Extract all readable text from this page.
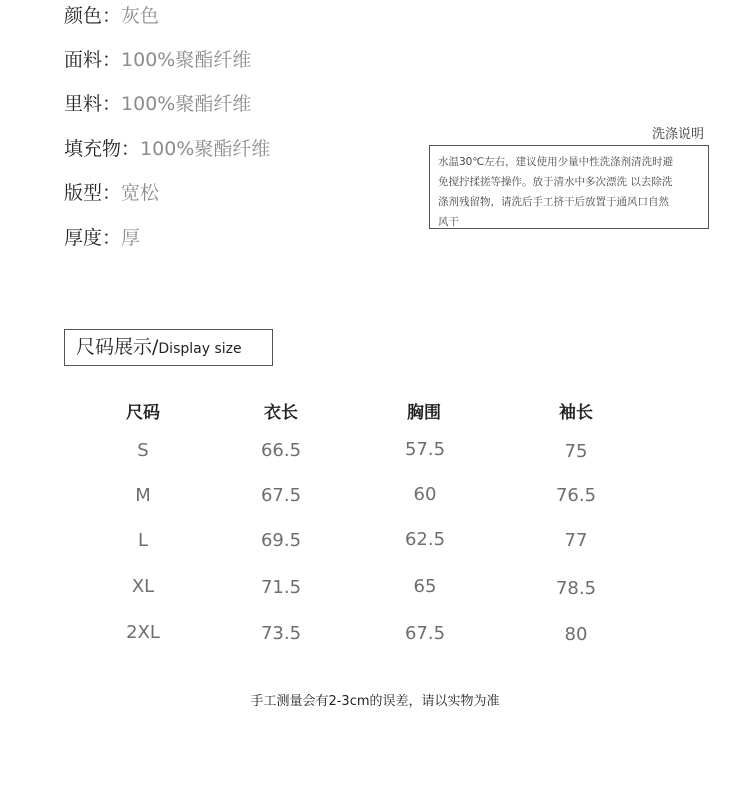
颜色：灰色
面料：100%聚酯纤维
里料：100%聚酯纤维
填充物：100%聚酯纤维
版型：宽松
厚度：厚
洗涤说明
水温30℃左右，建议使用少量中性洗涤剂清洗时避
免搅拧揉搓等操作。放于清水中多次漂洗 以去除洗
涤剂残留物，请洗后手工挤干后放置于通风口自然
风干
尺码展示/Display size
尺码	衣长	胸围	袖长
S	66.5	57.5	75
M	67.5	60	76.5
L	69.5	62.5	77
XL	71.5	65	78.5
2XL	73.5	67.5	80
手工测量会有2-3cm的误差，请以实物为准
